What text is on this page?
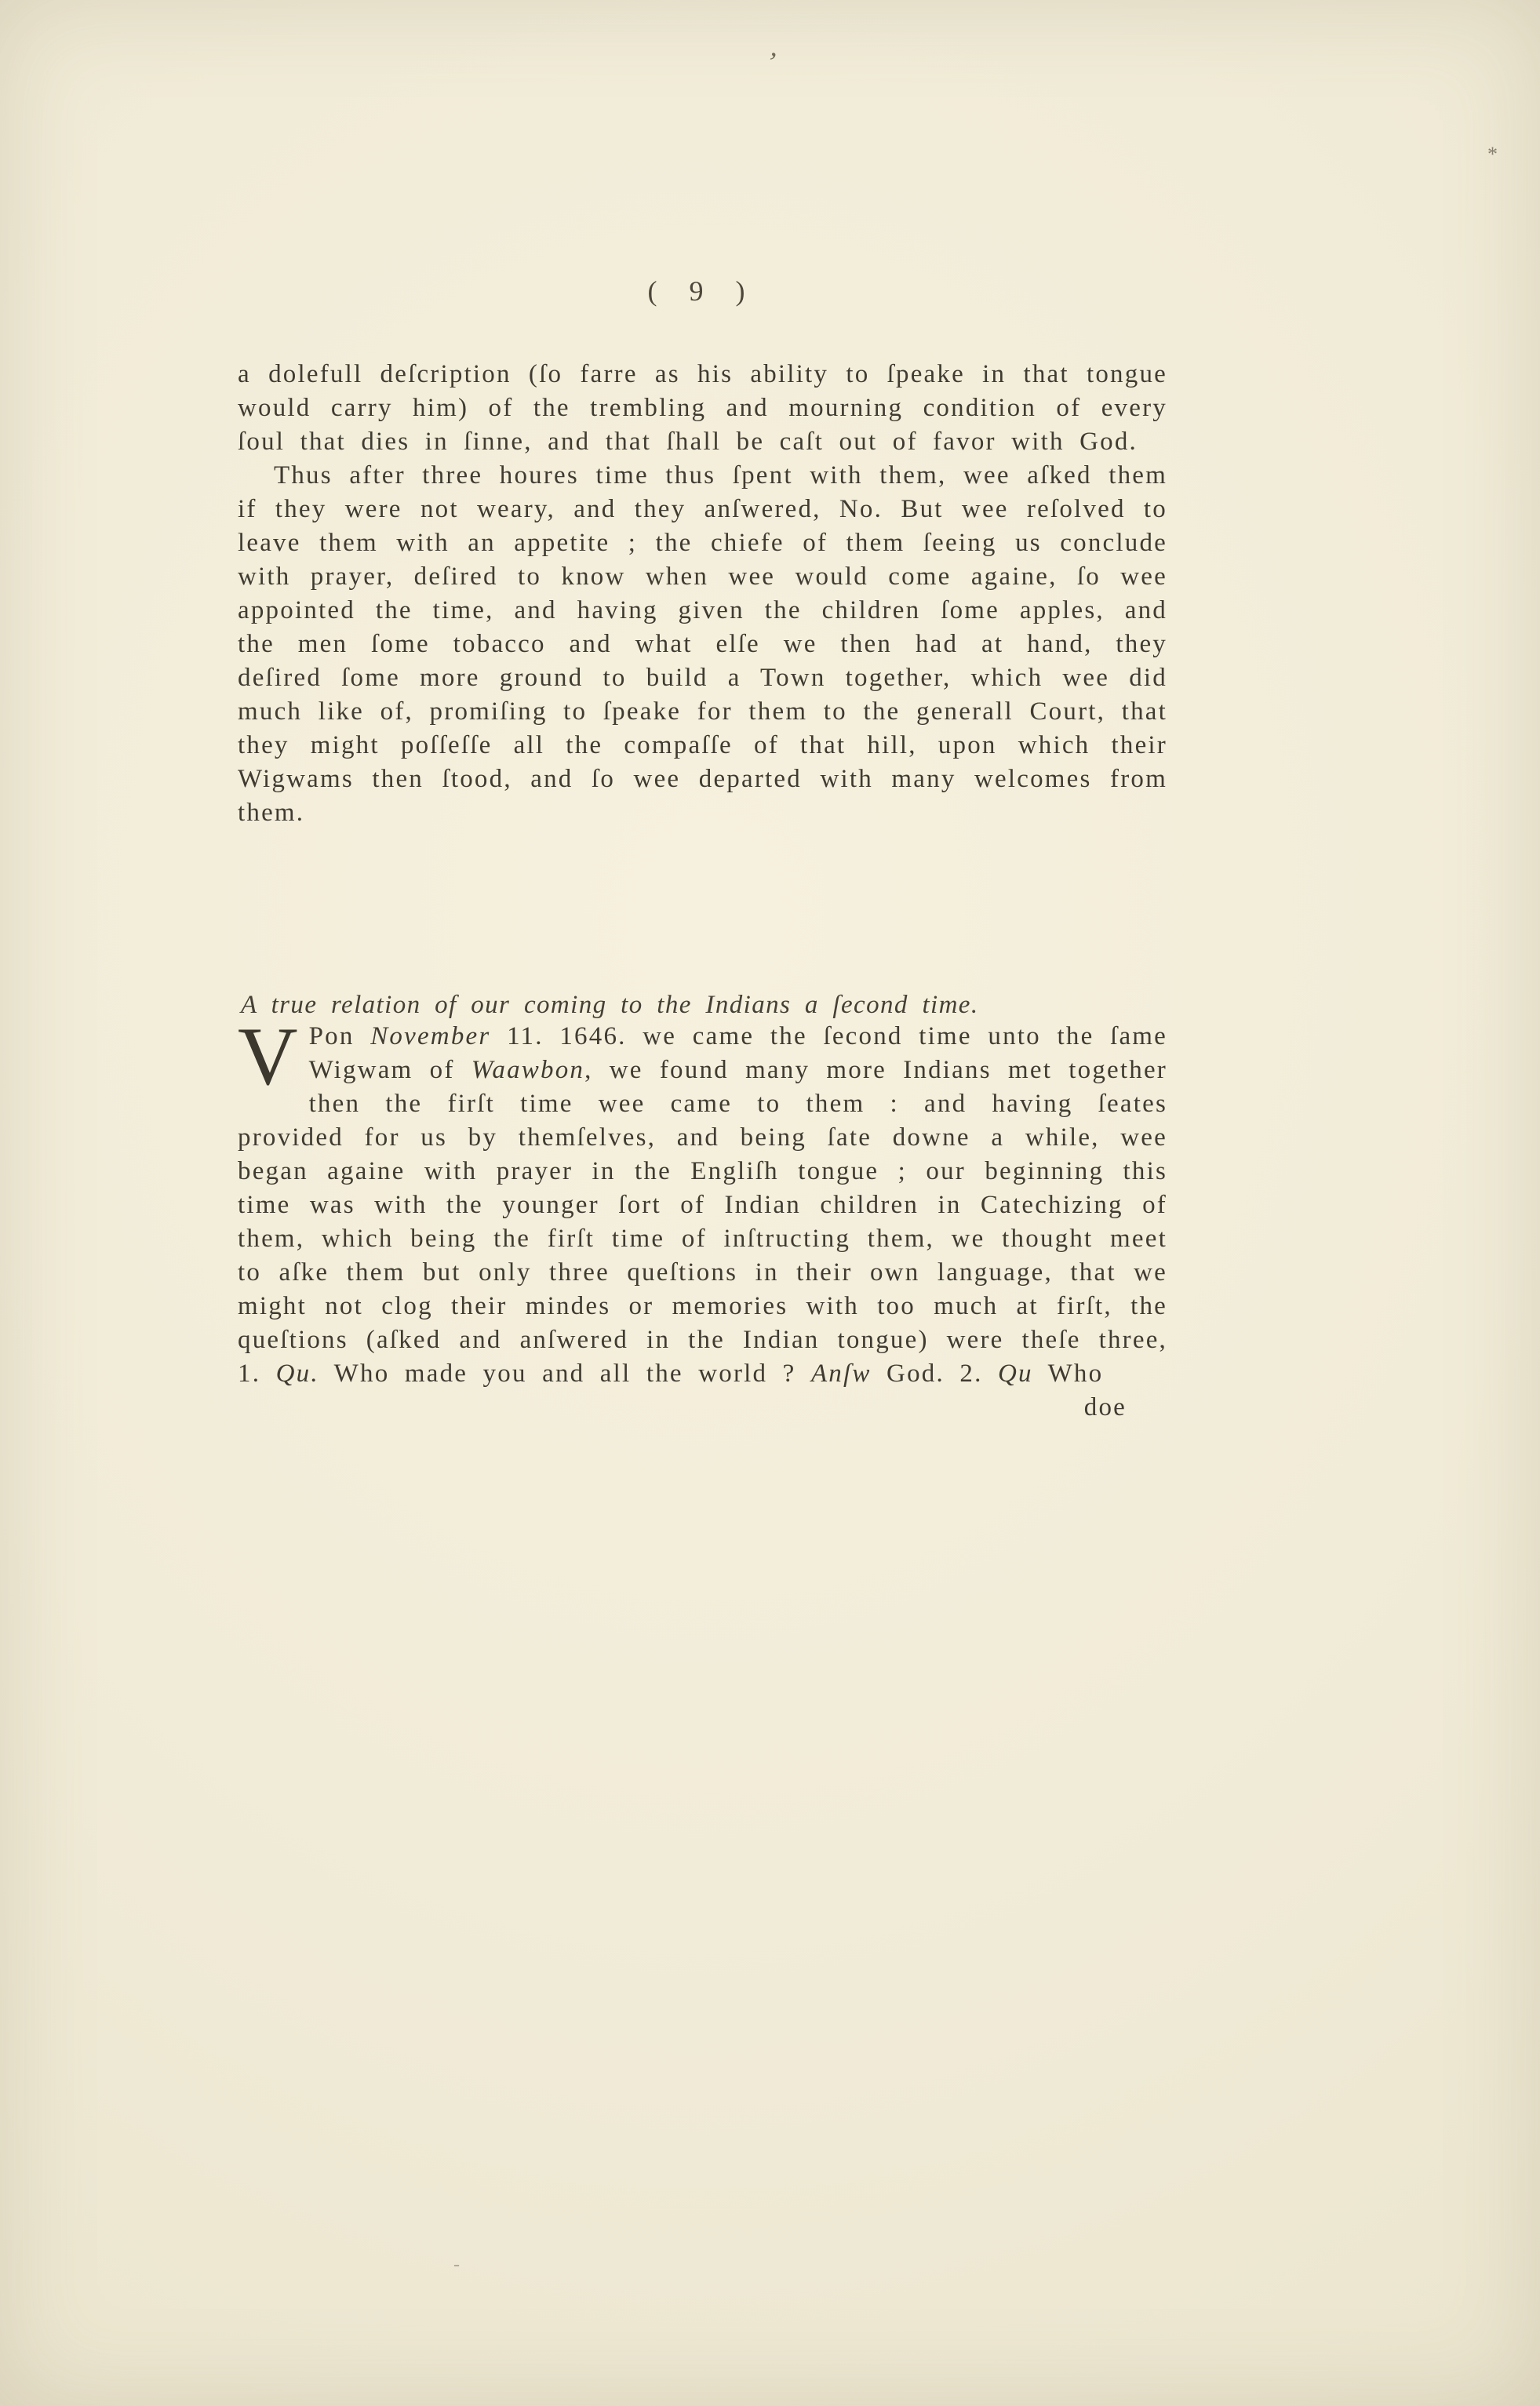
’
*
-
( 9 )

a dolefull deſcription (ſo farre as his ability to ſpeake in that tongue would carry him) of the trembling and mourning condition of every ſoul that dies in ſinne, and that ſhall be caſt out of favor with God.

Thus after three houres time thus ſpent with them, wee aſked them if they were not weary, and they anſwered, No. But wee reſolved to leave them with an appetite ; the chiefe of them ſeeing us conclude with prayer, deſired to know when wee would come againe, ſo wee appointed the time, and having given the children ſome apples, and the men ſome tobacco and what elſe we then had at hand, they deſired ſome more ground to build a Town together, which wee did much like of, promiſing to ſpeake for them to the generall Court, that they might poſſeſſe all the compaſſe of that hill, upon which their Wigwams then ſtood, and ſo wee departed with many welcomes from them.

A true relation of our coming to the Indians a ſecond time.

V Pon November 11. 1646. we came the ſecond time unto the ſame Wigwam of Waawbon, we found many more Indians met together then the firſt time wee came to them : and having ſeates provided for us by themſelves, and being ſate downe a while, wee began againe with prayer in the Engliſh tongue ; our beginning this time was with the younger ſort of Indian children in Catechizing of them, which being the firſt time of inſtructing them, we thought meet to aſke them but only three queſtions in their own language, that we might not clog their mindes or memories with too much at firſt, the queſtions (aſked and anſwered in the Indian tongue) were theſe three, 1. Qu. Who made you and all the world ? Anſw God. 2. Qu Who

doe
